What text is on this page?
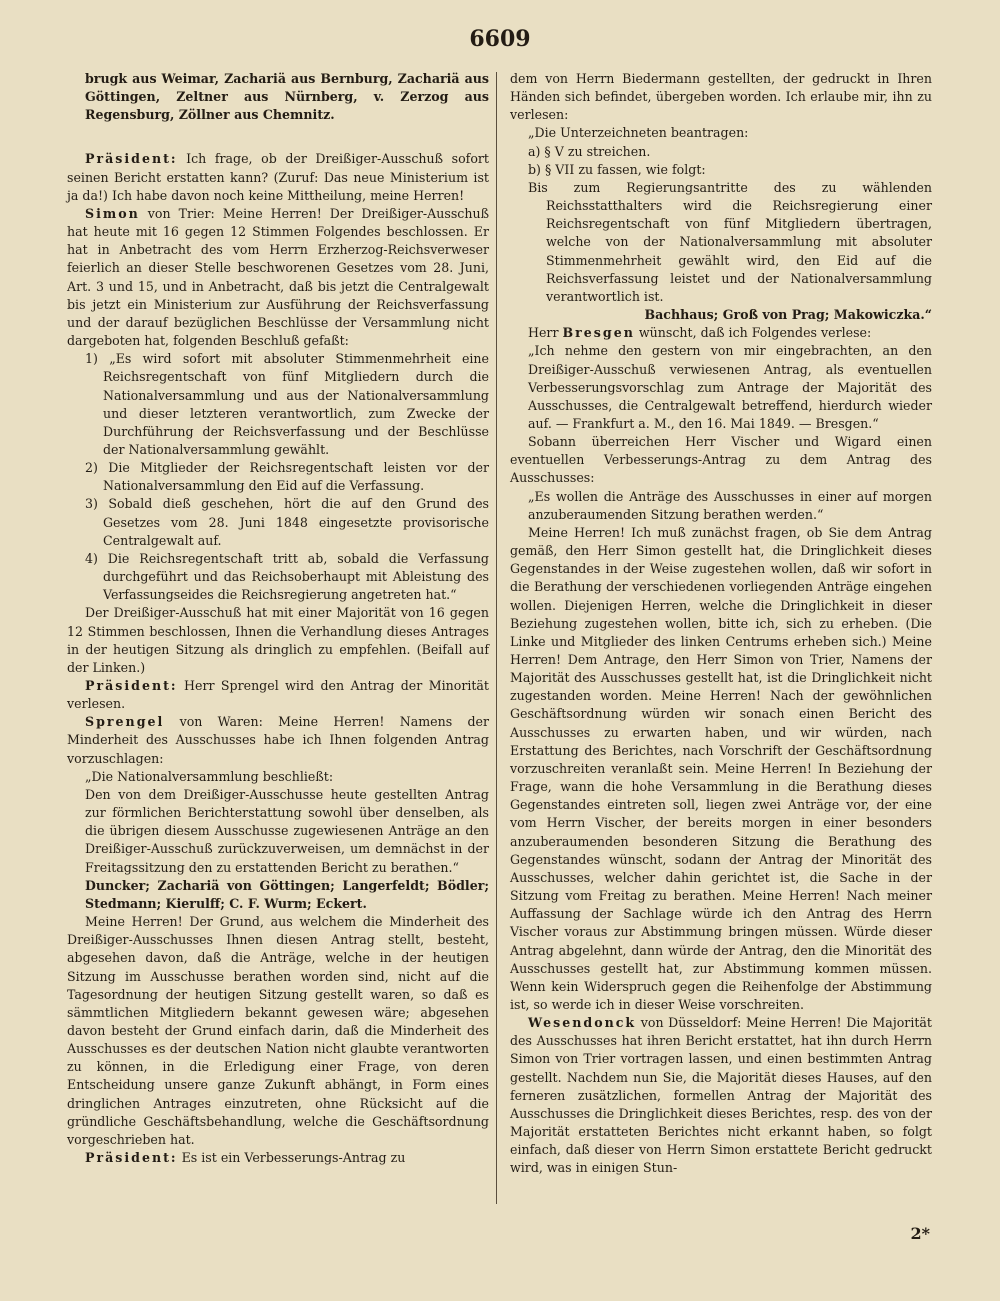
6609

brugk aus Weimar, Zachariä aus Bernburg, Zachariä aus Göttingen, Zeltner aus Nürnberg, v. Zerzog aus Regensburg, Zöllner aus Chemnitz.

Präsident: Ich frage, ob der Dreißiger-Ausschuß sofort seinen Bericht erstatten kann? (Zuruf: Das neue Ministerium ist ja da!) Ich habe davon noch keine Mittheilung, meine Herren!

Simon von Trier: Meine Herren! Der Dreißiger-Ausschuß hat heute mit 16 gegen 12 Stimmen Folgendes beschlossen. Er hat in Anbetracht des vom Herrn Erzherzog-Reichsverweser feierlich an dieser Stelle beschworenen Gesetzes vom 28. Juni, Art. 3 und 15, und in Anbetracht, daß bis jetzt die Centralgewalt bis jetzt ein Ministerium zur Ausführung der Reichsverfassung und der darauf bezüglichen Beschlüsse der Versammlung nicht dargeboten hat, folgenden Beschluß gefaßt:

1) „Es wird sofort mit absoluter Stimmenmehrheit eine Reichsregentschaft von fünf Mitgliedern durch die Nationalversammlung und aus der Nationalversammlung und dieser letzteren verantwortlich, zum Zwecke der Durchführung der Reichsverfassung und der Beschlüsse der Nationalversammlung gewählt.

2) Die Mitglieder der Reichsregentschaft leisten vor der Nationalversammlung den Eid auf die Verfassung.

3) Sobald dieß geschehen, hört die auf den Grund des Gesetzes vom 28. Juni 1848 eingesetzte provisorische Centralgewalt auf.

4) Die Reichsregentschaft tritt ab, sobald die Verfassung durchgeführt und das Reichsoberhaupt mit Ableistung des Verfassungseides die Reichsregierung angetreten hat.“

Der Dreißiger-Ausschuß hat mit einer Majorität von 16 gegen 12 Stimmen beschlossen, Ihnen die Verhandlung dieses Antrages in der heutigen Sitzung als dringlich zu empfehlen. (Beifall auf der Linken.)

Präsident: Herr Sprengel wird den Antrag der Minorität verlesen.

Sprengel von Waren: Meine Herren! Namens der Minderheit des Ausschusses habe ich Ihnen folgenden Antrag vorzuschlagen:

„Die Nationalversammlung beschließt:

Den von dem Dreißiger-Ausschusse heute gestellten Antrag zur förmlichen Berichterstattung sowohl über denselben, als die übrigen diesem Ausschusse zugewiesenen Anträge an den Dreißiger-Ausschuß zurückzuverweisen, um demnächst in der Freitagssitzung den zu erstattenden Bericht zu berathen.“

Duncker; Zachariä von Göttingen; Langerfeldt; Bödler; Stedmann; Kierulff; C. F. Wurm; Eckert.

Meine Herren! Der Grund, aus welchem die Minderheit des Dreißiger-Ausschusses Ihnen diesen Antrag stellt, besteht, abgesehen davon, daß die Anträge, welche in der heutigen Sitzung im Ausschusse berathen worden sind, nicht auf die Tagesordnung der heutigen Sitzung gestellt waren, so daß es sämmtlichen Mitgliedern bekannt gewesen wäre; abgesehen davon besteht der Grund einfach darin, daß die Minderheit des Ausschusses es der deutschen Nation nicht glaubte verantworten zu können, in die Erledigung einer Frage, von deren Entscheidung unsere ganze Zukunft abhängt, in Form eines dringlichen Antrages einzutreten, ohne Rücksicht auf die gründliche Geschäftsbehandlung, welche die Geschäftsordnung vorgeschrieben hat.

Präsident: Es ist ein Verbesserungs-Antrag zu

dem von Herrn Biedermann gestellten, der gedruckt in Ihren Händen sich befindet, übergeben worden. Ich erlaube mir, ihn zu verlesen:

„Die Unterzeichneten beantragen:

a) § V zu streichen.

b) § VII zu fassen, wie folgt:

Bis zum Regierungsantritte des zu wählenden Reichsstatthalters wird die Reichsregierung einer Reichsregentschaft von fünf Mitgliedern übertragen, welche von der Nationalversammlung mit absoluter Stimmenmehrheit gewählt wird, den Eid auf die Reichsverfassung leistet und der Nationalversammlung verantwortlich ist.

Bachhaus; Groß von Prag; Makowiczka.“

Herr Bresgen wünscht, daß ich Folgendes verlese:

„Ich nehme den gestern von mir eingebrachten, an den Dreißiger-Ausschuß verwiesenen Antrag, als eventuellen Verbesserungsvorschlag zum Antrage der Majorität des Ausschusses, die Centralgewalt betreffend, hierdurch wieder auf. — Frankfurt a. M., den 16. Mai 1849. — Bresgen.“

Sobann überreichen Herr Vischer und Wigard einen eventuellen Verbesserungs-Antrag zu dem Antrag des Ausschusses:

„Es wollen die Anträge des Ausschusses in einer auf morgen anzuberaumenden Sitzung berathen werden.“

Meine Herren! Ich muß zunächst fragen, ob Sie dem Antrag gemäß, den Herr Simon gestellt hat, die Dringlichkeit dieses Gegenstandes in der Weise zugestehen wollen, daß wir sofort in die Berathung der verschiedenen vorliegenden Anträge eingehen wollen. Diejenigen Herren, welche die Dringlichkeit in dieser Beziehung zugestehen wollen, bitte ich, sich zu erheben. (Die Linke und Mitglieder des linken Centrums erheben sich.) Meine Herren! Dem Antrage, den Herr Simon von Trier, Namens der Majorität des Ausschusses gestellt hat, ist die Dringlichkeit nicht zugestanden worden. Meine Herren! Nach der gewöhnlichen Geschäftsordnung würden wir sonach einen Bericht des Ausschusses zu erwarten haben, und wir würden, nach Erstattung des Berichtes, nach Vorschrift der Geschäftsordnung vorzuschreiten veranlaßt sein. Meine Herren! In Beziehung der Frage, wann die hohe Versammlung in die Berathung dieses Gegenstandes eintreten soll, liegen zwei Anträge vor, der eine vom Herrn Vischer, der bereits morgen in einer besonders anzuberaumenden besonderen Sitzung die Berathung des Gegenstandes wünscht, sodann der Antrag der Minorität des Ausschusses, welcher dahin gerichtet ist, die Sache in der Sitzung vom Freitag zu berathen. Meine Herren! Nach meiner Auffassung der Sachlage würde ich den Antrag des Herrn Vischer voraus zur Abstimmung bringen müssen. Würde dieser Antrag abgelehnt, dann würde der Antrag, den die Minorität des Ausschusses gestellt hat, zur Abstimmung kommen müssen. Wenn kein Widerspruch gegen die Reihenfolge der Abstimmung ist, so werde ich in dieser Weise vorschreiten.

Wesendonck von Düsseldorf: Meine Herren! Die Majorität des Ausschusses hat ihren Bericht erstattet, hat ihn durch Herrn Simon von Trier vortragen lassen, und einen bestimmten Antrag gestellt. Nachdem nun Sie, die Majorität dieses Hauses, auf den ferneren zusätzlichen, formellen Antrag der Majorität des Ausschusses die Dringlichkeit dieses Berichtes, resp. des von der Majorität erstatteten Berichtes nicht erkannt haben, so folgt einfach, daß dieser von Herrn Simon erstattete Bericht gedruckt wird, was in einigen Stun-

2*
